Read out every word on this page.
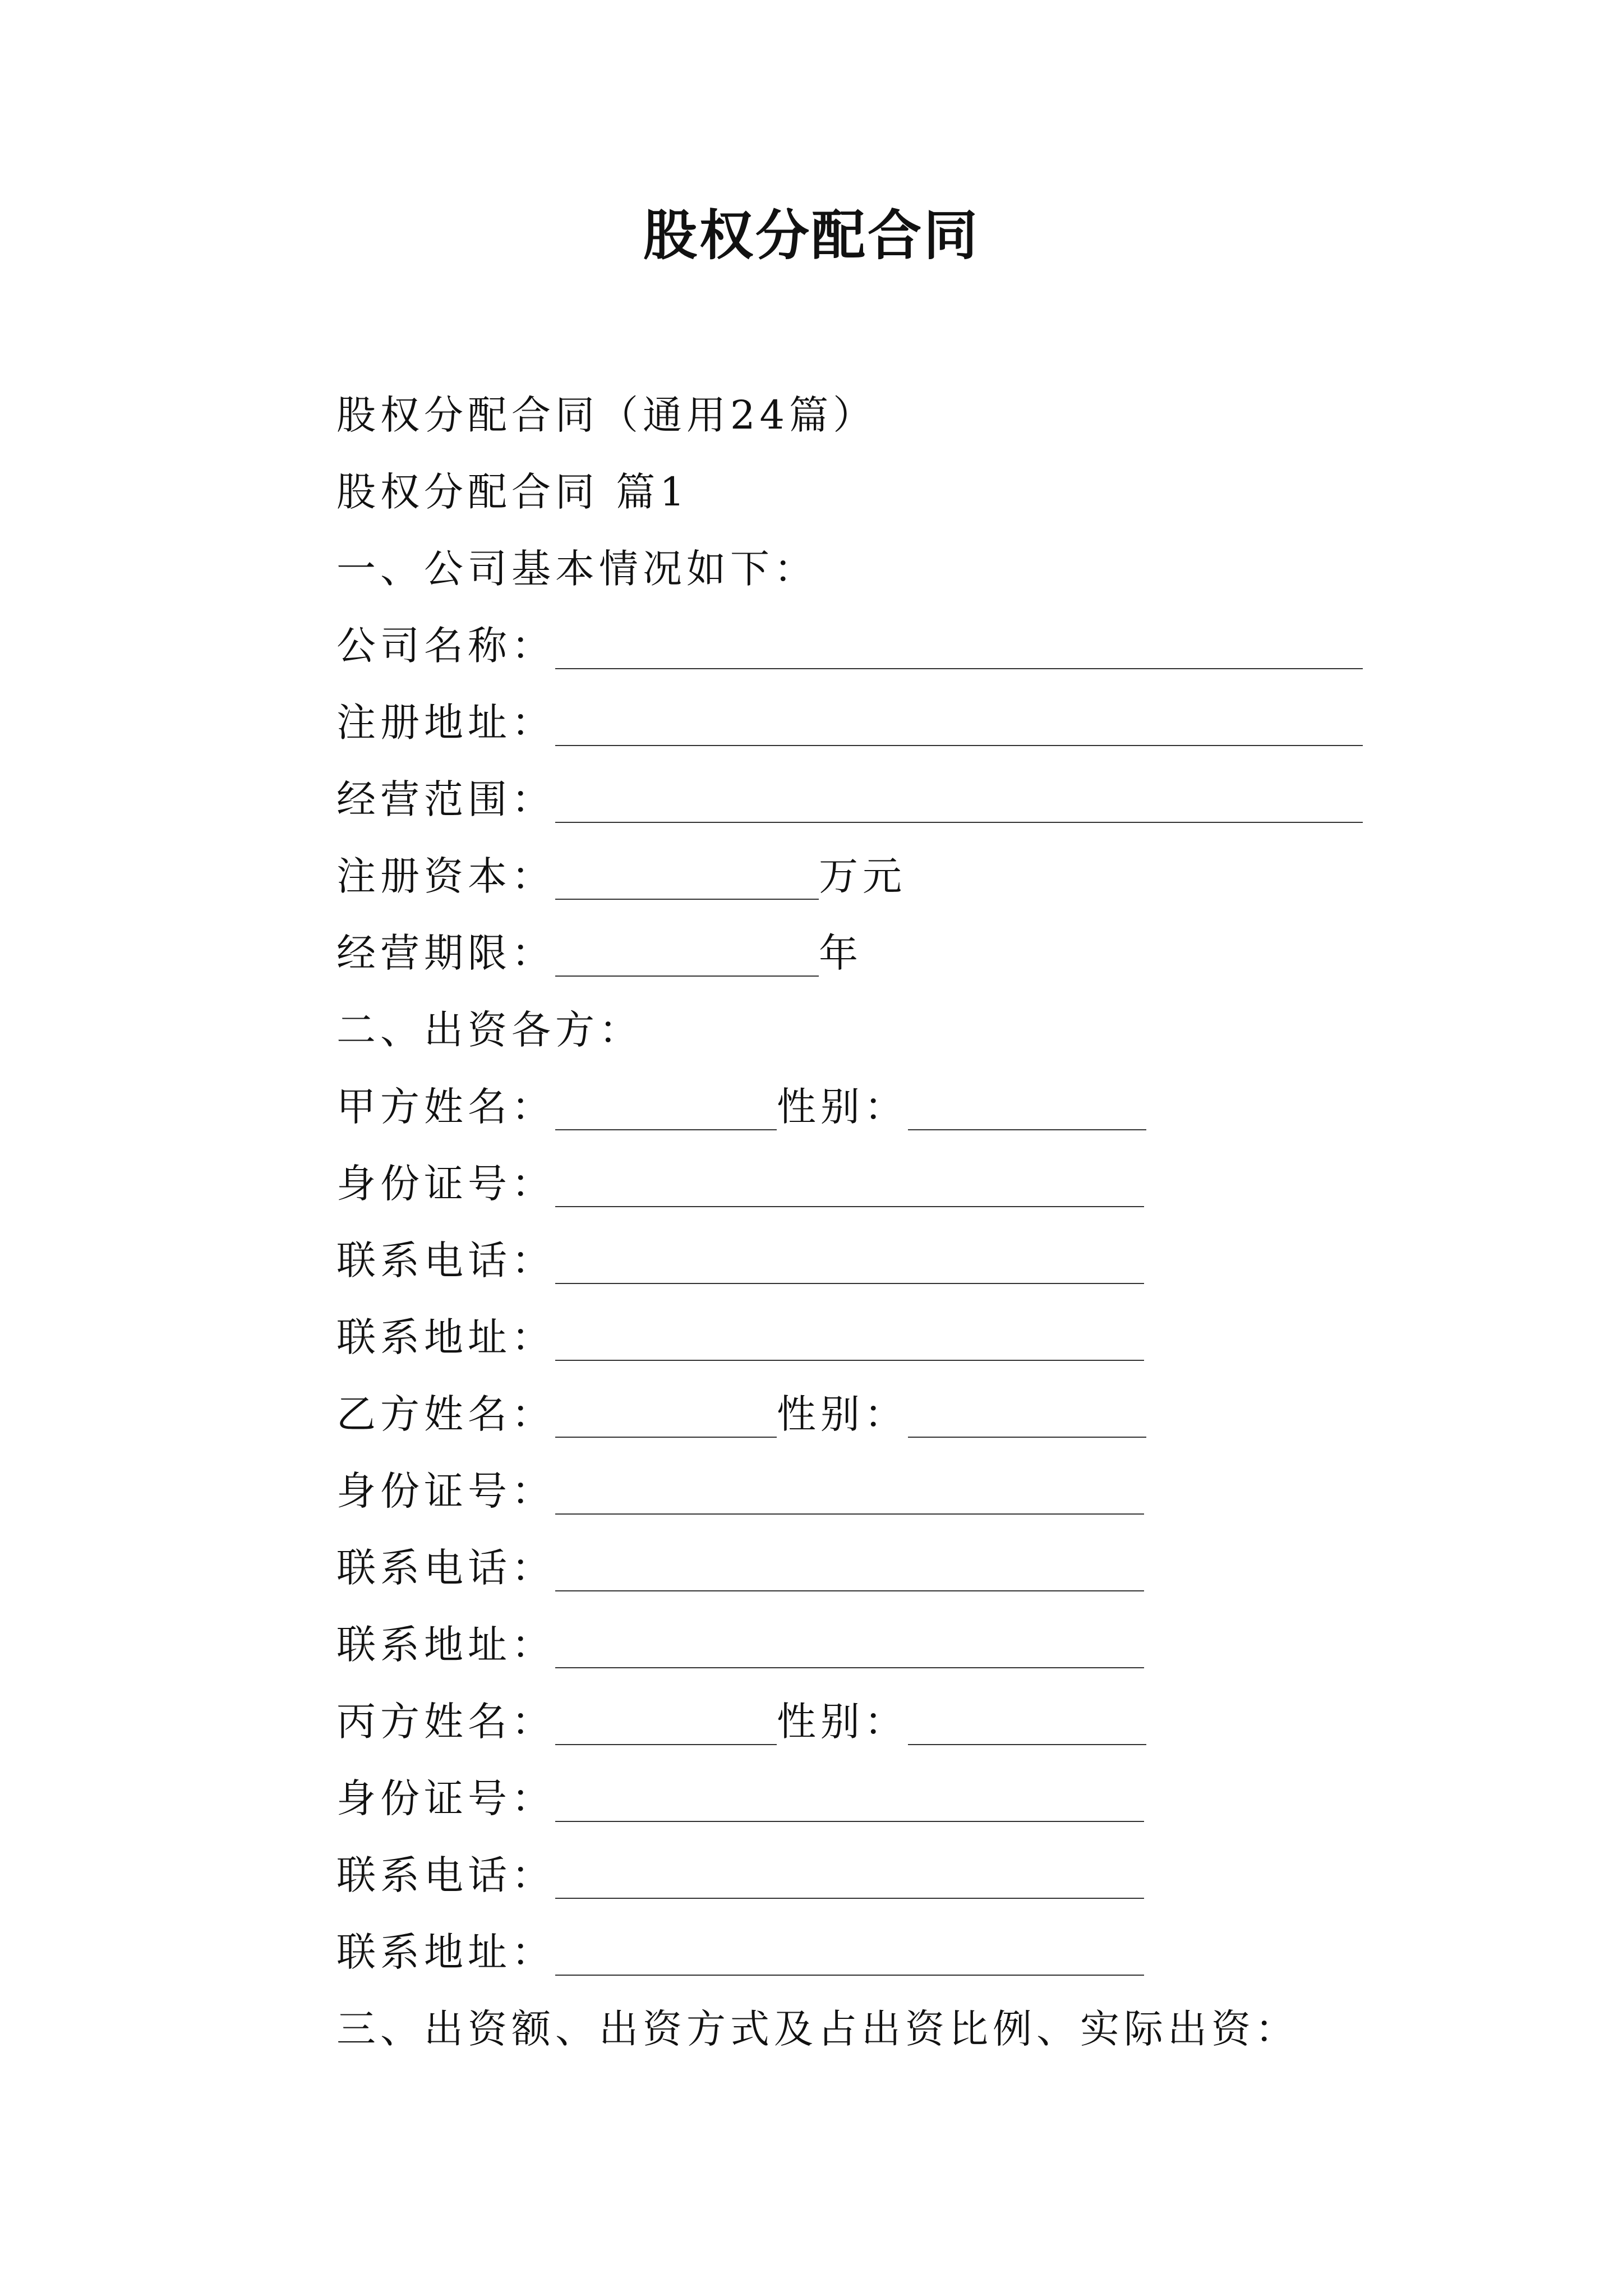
股权分配合同
股权分配合同（通用24篇）
股权分配合同 篇1
一、公司基本情况如下：
公司名称：
注册地址：
经营范围：
注册资本：	万元
经营期限：	年
二、出资各方：
甲方姓名：	性别：
身份证号：
联系电话：
联系地址：
乙方姓名：	性别：
身份证号：
联系电话：
联系地址：
丙方姓名：	性别：
身份证号：
联系电话：
联系地址：
三、出资额、出资方式及占出资比例、实际出资：
